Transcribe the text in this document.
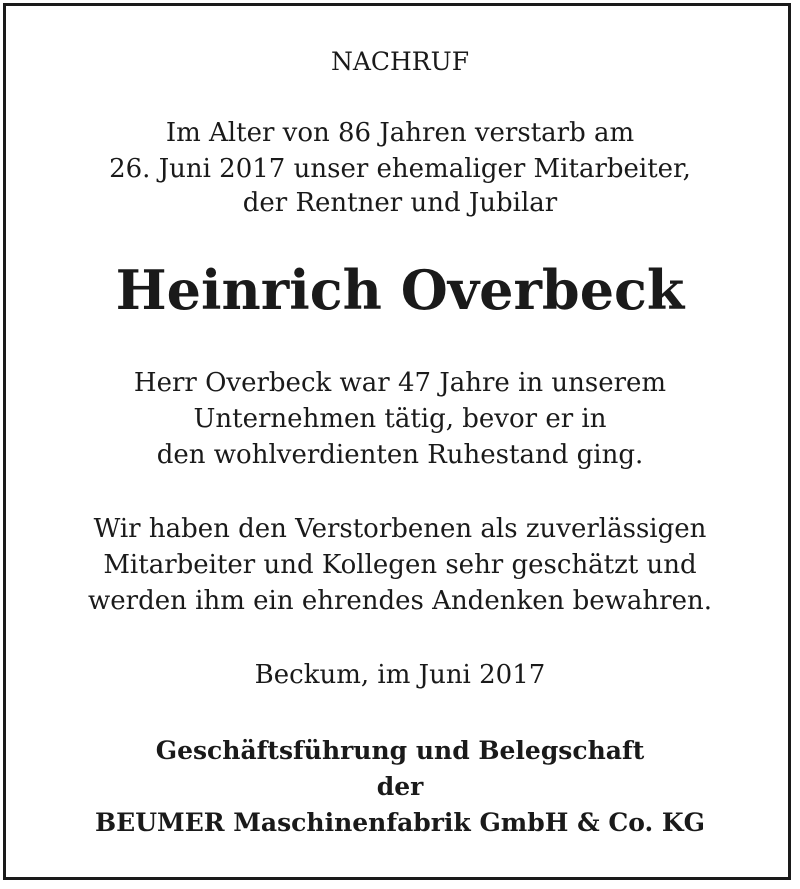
NACHRUF
Im Alter von 86 Jahren verstarb am
26. Juni 2017 unser ehemaliger Mitarbeiter,
der Rentner und Jubilar
Heinrich Overbeck
Herr Overbeck war 47 Jahre in unserem
Unternehmen tätig, bevor er in
den wohlverdienten Ruhestand ging.
Wir haben den Verstorbenen als zuverlässigen
Mitarbeiter und Kollegen sehr geschätzt und
werden ihm ein ehrendes Andenken bewahren.
Beckum, im Juni 2017
Geschäftsführung und Belegschaft
der
BEUMER Maschinenfabrik GmbH & Co. KG
